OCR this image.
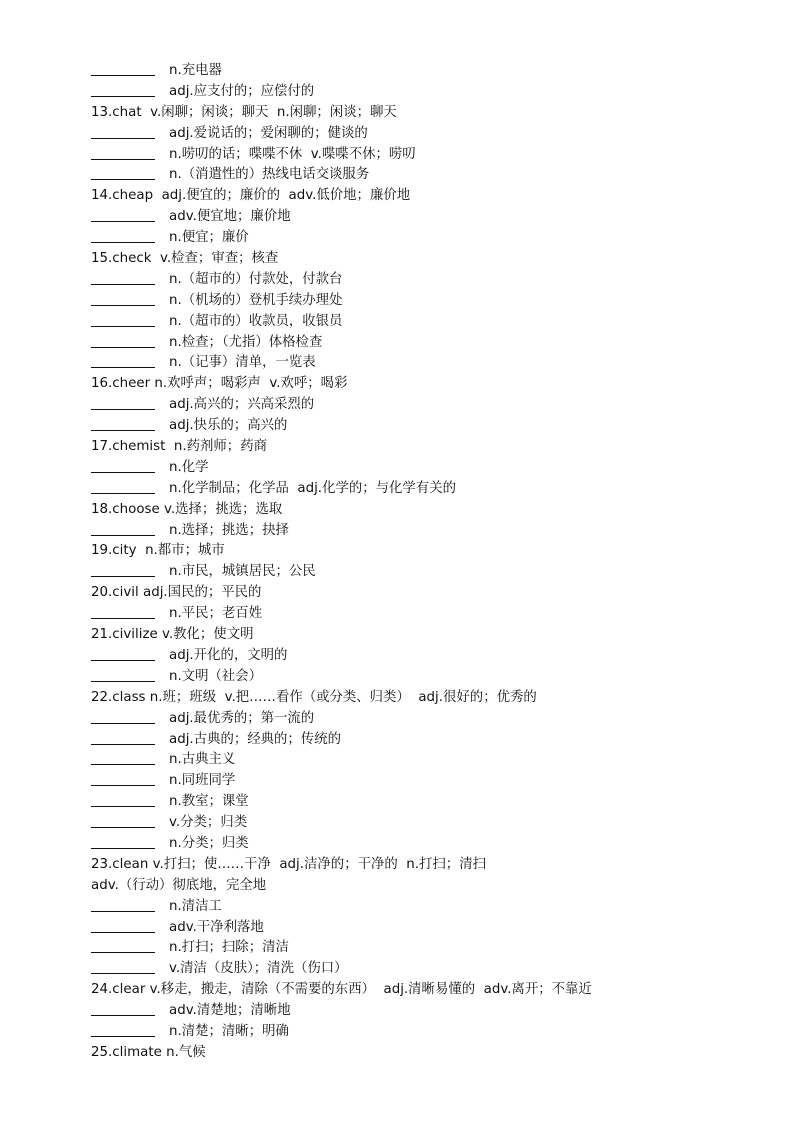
n.充电器
adj.应支付的；应偿付的
13.chat  v.闲聊；闲谈；聊天  n.闲聊；闲谈；聊天
adj.爱说话的；爱闲聊的；健谈的
n.唠叨的话；喋喋不休  v.喋喋不休；唠叨
n.（消遣性的）热线电话交谈服务
14.cheap  adj.便宜的；廉价的  adv.低价地；廉价地
adv.便宜地；廉价地
n.便宜；廉价
15.check  v.检查；审查；核查
n.（超市的）付款处，付款台
n.（机场的）登机手续办理处
n.（超市的）收款员，收银员
n.检查；（尤指）体格检查
n.（记事）清单，一览表
16.cheer n.欢呼声；喝彩声  v.欢呼；喝彩
adj.高兴的；兴高采烈的
adj.快乐的；高兴的
17.chemist  n.药剂师；药商
n.化学
n.化学制品；化学品  adj.化学的；与化学有关的
18.choose v.选择；挑选；选取
n.选择；挑选；抉择
19.city  n.都市；城市
n.市民，城镇居民；公民
20.civil adj.国民的；平民的
n.平民；老百姓
21.civilize v.教化；使文明
adj.开化的，文明的
n.文明（社会）
22.class n.班；班级  v.把……看作（或分类、归类）  adj.很好的；优秀的
adj.最优秀的；第一流的
adj.古典的；经典的；传统的
n.古典主义
n.同班同学
n.教室；课堂
v.分类；归类
n.分类；归类
23.clean v.打扫；使……干净  adj.洁净的；干净的  n.打扫；清扫
adv.（行动）彻底地，完全地
n.清洁工
adv.干净利落地
n.打扫；扫除；清洁
v.清洁（皮肤）；清洗（伤口）
24.clear v.移走，搬走，清除（不需要的东西）  adj.清晰易懂的  adv.离开；不靠近
adv.清楚地；清晰地
n.清楚；清晰；明确
25.climate n.气候
